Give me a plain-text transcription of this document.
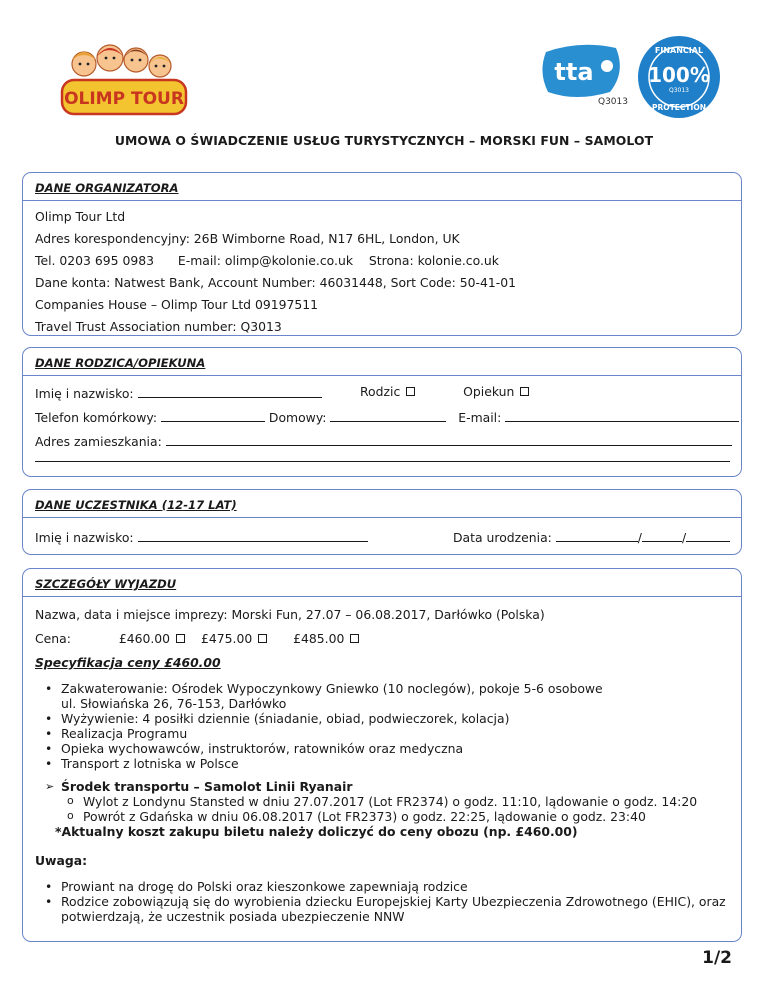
OLIMP TOUR
tta
Q3013
FINANCIAL
100%
Q3013
PROTECTION
UMOWA O ŚWIADCZENIE USŁUG TURYSTYCZNYCH – MORSKI FUN – SAMOLOT
DANE ORGANIZATORA
Olimp Tour Ltd
Adres korespondencyjny: 26B Wimborne Road, N17 6HL, London, UK
Tel. 0203 695 0983 E-mail: olimp@kolonie.co.uk Strona: kolonie.co.uk
Dane konta: Natwest Bank, Account Number: 46031448, Sort Code: 50-41-01
Companies House – Olimp Tour Ltd 09197511
Travel Trust Association number: Q3013
DANE RODZICA/OPIEKUNA
Imię i nazwisko:	Rodzic	Opiekun
Telefon komórkowy:	Domowy:	E-mail:
Adres zamieszkania:
DANE UCZESTNIKA (12-17 LAT)
Imię i nazwisko:	Data urodzenia:	/	/
SZCZEGÓŁY WYJAZDU
Nazwa, data i miejsce imprezy: Morski Fun, 27.07 – 06.08.2017, Darłówko (Polska)
Cena:	£460.00 £475.00	£485.00
Specyfikacja ceny £460.00
• Zakwaterowanie: Ośrodek Wypoczynkowy Gniewko (10 noclegów), pokoje 5-6 osobowe
ul. Słowiańska 26, 76-153, Darłówko
• Wyżywienie: 4 posiłki dziennie (śniadanie, obiad, podwieczorek, kolacja)
• Realizacja Programu
• Opieka wychowawców, instruktorów, ratowników oraz medyczna
• Transport z lotniska w Polsce
➢ Środek transportu – Samolot Linii Ryanair
o Wylot z Londynu Stansted w dniu 27.07.2017 (Lot FR2374) o godz. 11:10, lądowanie o godz. 14:20
o Powrót z Gdańska w dniu 06.08.2017 (Lot FR2373) o godz. 22:25, lądowanie o godz. 23:40
*Aktualny koszt zakupu biletu należy doliczyć do ceny obozu (np. £460.00)
Uwaga:
• Prowiant na drogę do Polski oraz kieszonkowe zapewniają rodzice
• Rodzice zobowiązują się do wyrobienia dziecku Europejskiej Karty Ubezpieczenia Zdrowotnego (EHIC), oraz
potwierdzają, że uczestnik posiada ubezpieczenie NNW
1/2
